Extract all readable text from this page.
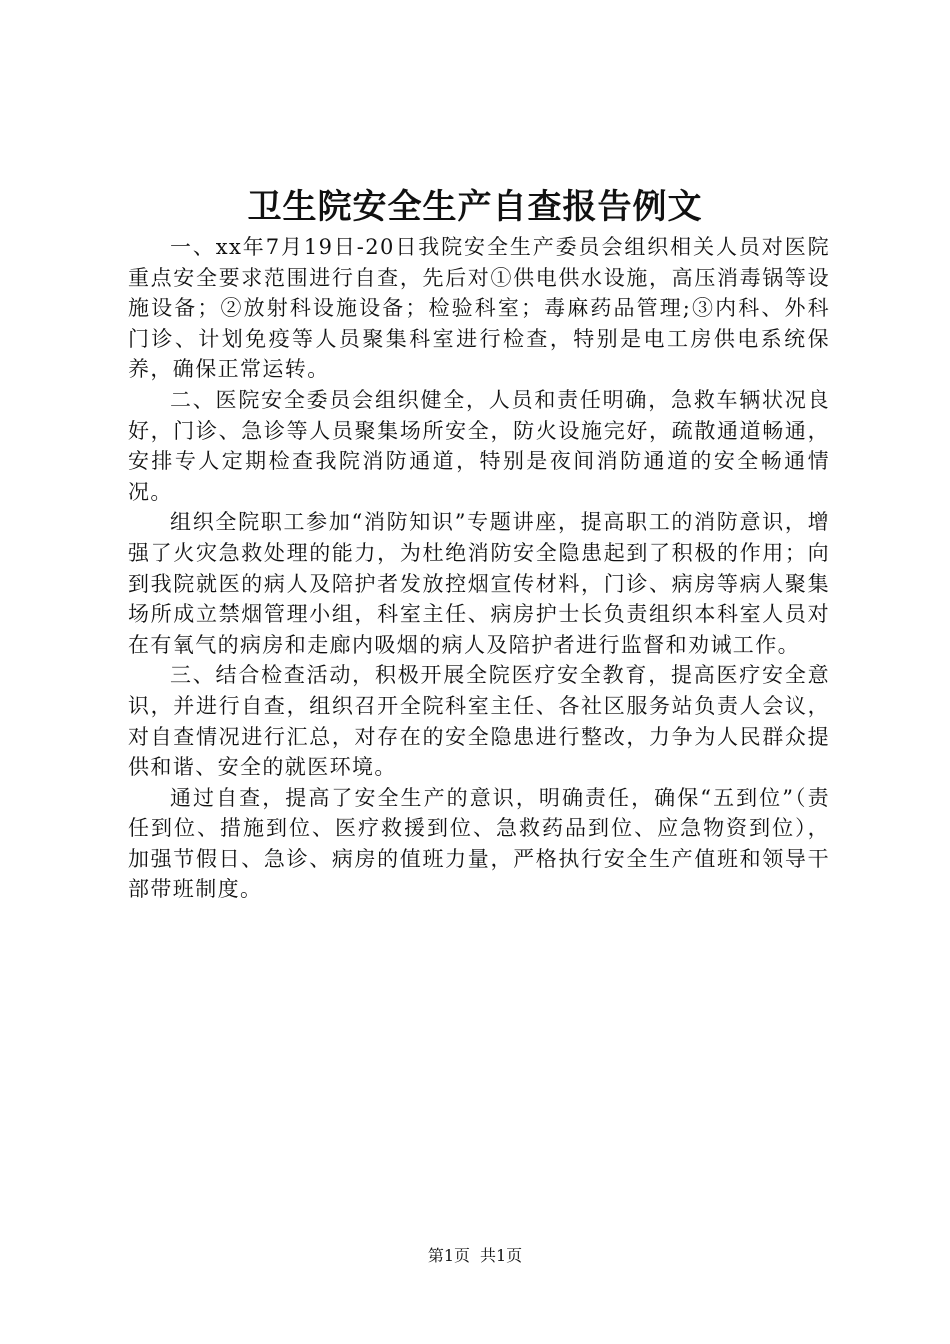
卫生院安全生产自查报告例文

一、xx年7月19日-20日我院安全生产委员会组织相关人员对医院重点安全要求范围进行自查，先后对①供电供水设施，高压消毒锅等设施设备；②放射科设施设备；检验科室；毒麻药品管理;③内科、外科门诊、计划免疫等人员聚集科室进行检查，特别是电工房供电系统保养，确保正常运转。

二、医院安全委员会组织健全，人员和责任明确，急救车辆状况良好，门诊、急诊等人员聚集场所安全，防火设施完好，疏散通道畅通，安排专人定期检查我院消防通道，特别是夜间消防通道的安全畅通情况。

组织全院职工参加“消防知识”专题讲座，提高职工的消防意识，增强了火灾急救处理的能力，为杜绝消防安全隐患起到了积极的作用；向到我院就医的病人及陪护者发放控烟宣传材料，门诊、病房等病人聚集场所成立禁烟管理小组，科室主任、病房护士长负责组织本科室人员对在有氧气的病房和走廊内吸烟的病人及陪护者进行监督和劝诫工作。

三、结合检查活动，积极开展全院医疗安全教育，提高医疗安全意识，并进行自查，组织召开全院科室主任、各社区服务站负责人会议，对自查情况进行汇总，对存在的安全隐患进行整改，力争为人民群众提供和谐、安全的就医环境。

通过自查，提高了安全生产的意识，明确责任，确保“五到位”（责任到位、措施到位、医疗救援到位、急救药品到位、应急物资到位），加强节假日、急诊、病房的值班力量，严格执行安全生产值班和领导干部带班制度。

第1页 共1页
